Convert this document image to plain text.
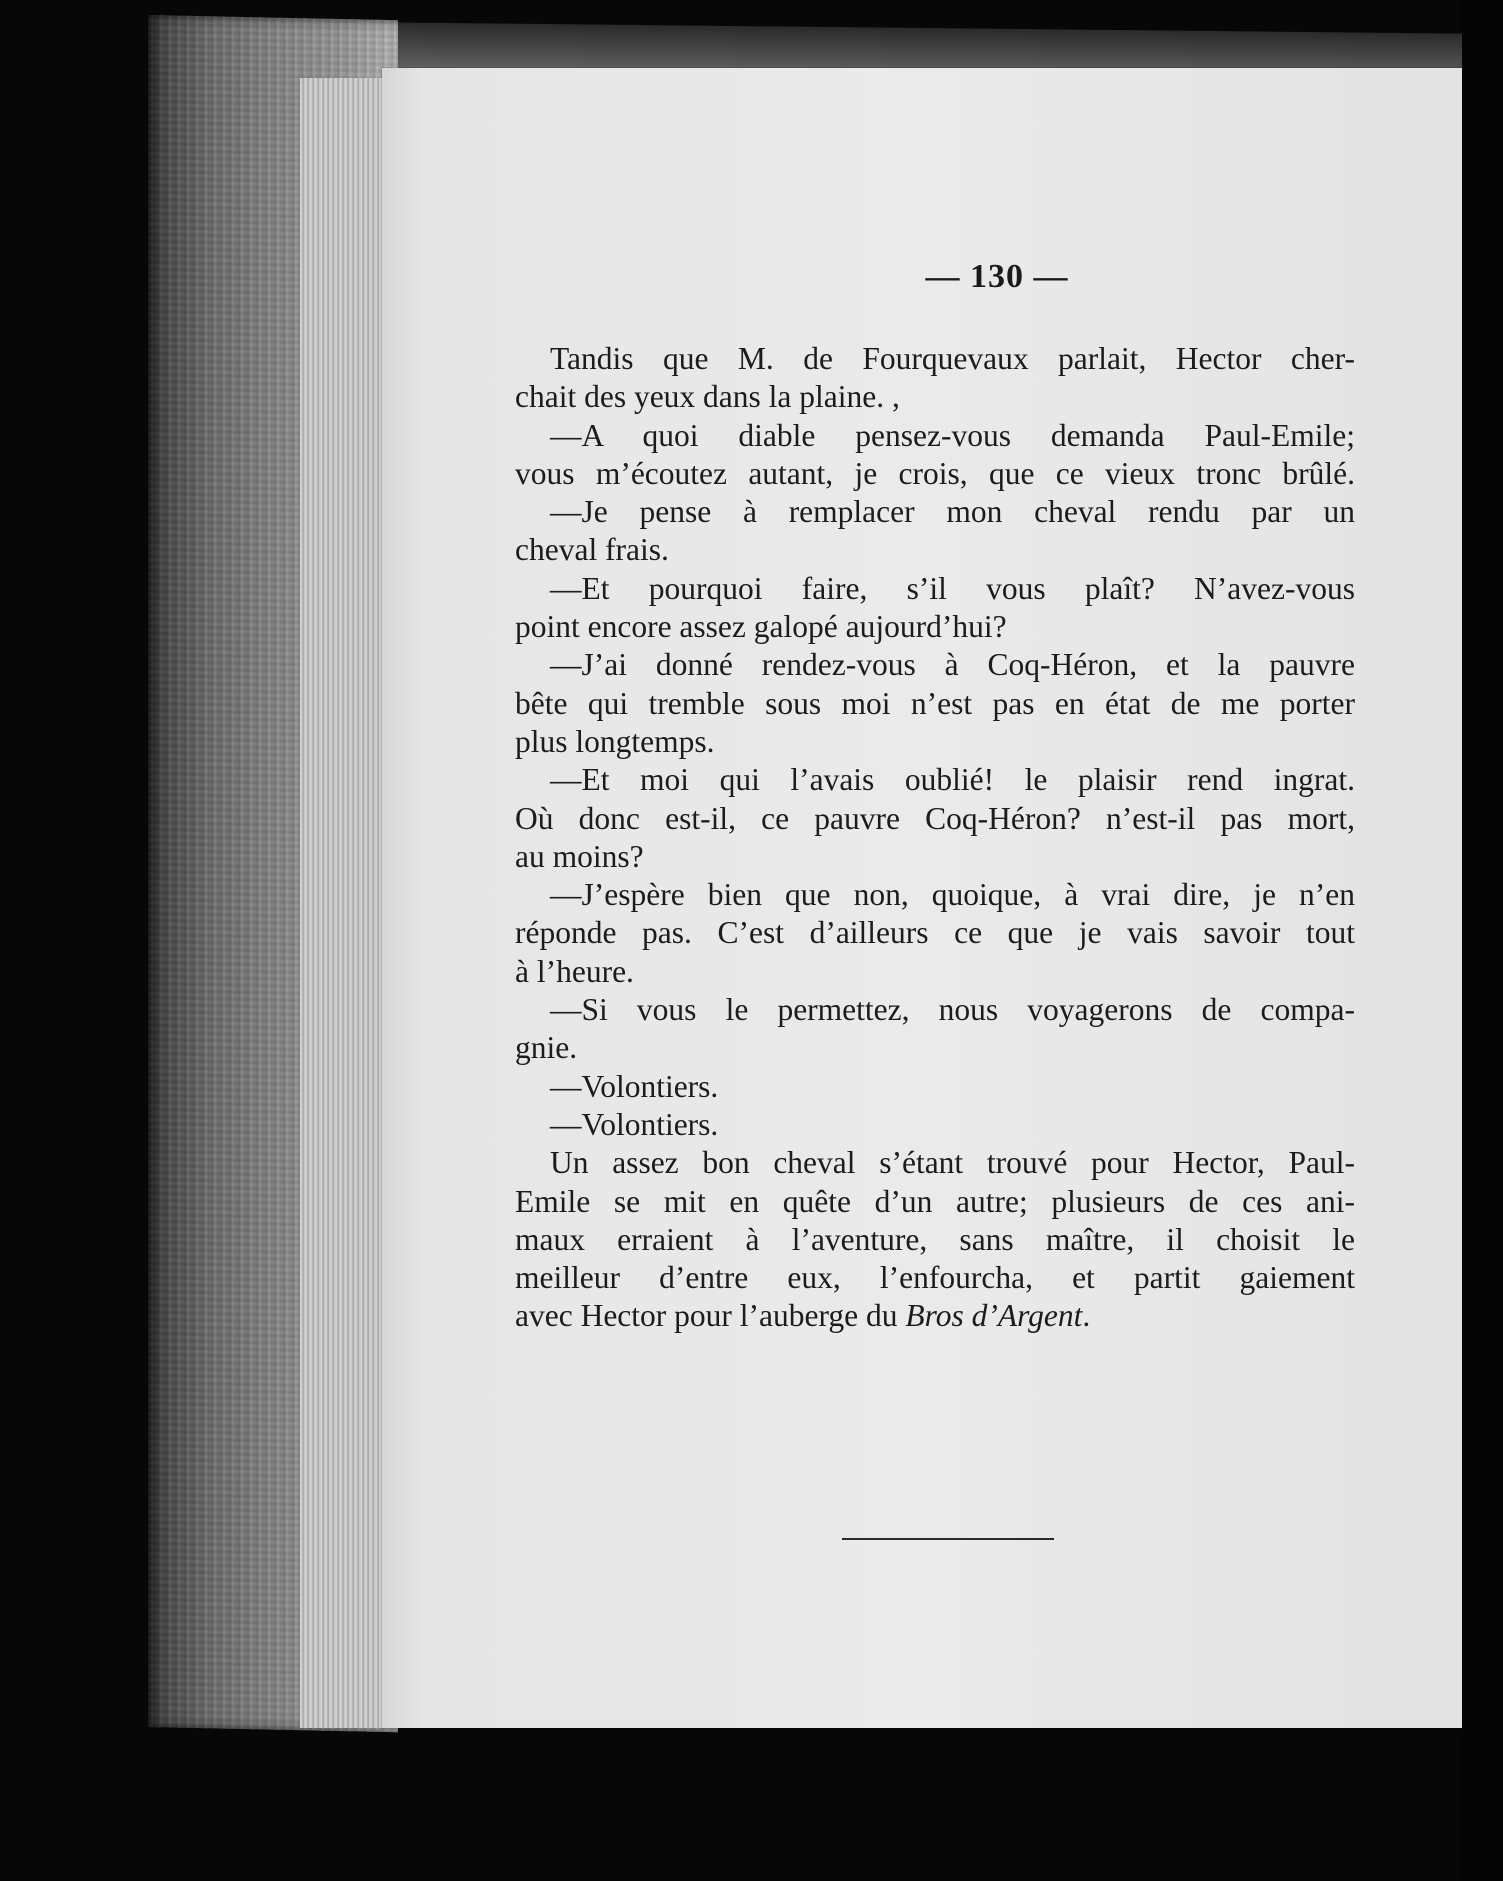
— 130 —
Tandis que M. de Fourquevaux parlait, Hector cher-
chait des yeux dans la plaine. ,
—A quoi diable pensez-vous demanda Paul-Emile;
vous m’écoutez autant, je crois, que ce vieux tronc brûlé.
—Je pense à remplacer mon cheval rendu par un
cheval frais.
—Et pourquoi faire, s’il vous plaît? N’avez-vous
point encore assez galopé aujourd’hui?
—J’ai donné rendez-vous à Coq-Héron, et la pauvre
bête qui tremble sous moi n’est pas en état de me porter
plus longtemps.
—Et moi qui l’avais oublié! le plaisir rend ingrat.
Où donc est-il, ce pauvre Coq-Héron? n’est-il pas mort,
au moins?
—J’espère bien que non, quoique, à vrai dire, je n’en
réponde pas. C’est d’ailleurs ce que je vais savoir tout
à l’heure.
—Si vous le permettez, nous voyagerons de compa-
gnie.
—Volontiers.
—Volontiers.
Un assez bon cheval s’étant trouvé pour Hector, Paul-
Emile se mit en quête d’un autre; plusieurs de ces ani-
maux erraient à l’aventure, sans maître, il choisit le
meilleur d’entre eux, l’enfourcha, et partit gaiement
avec Hector pour l’auberge du Bros d’Argent.
